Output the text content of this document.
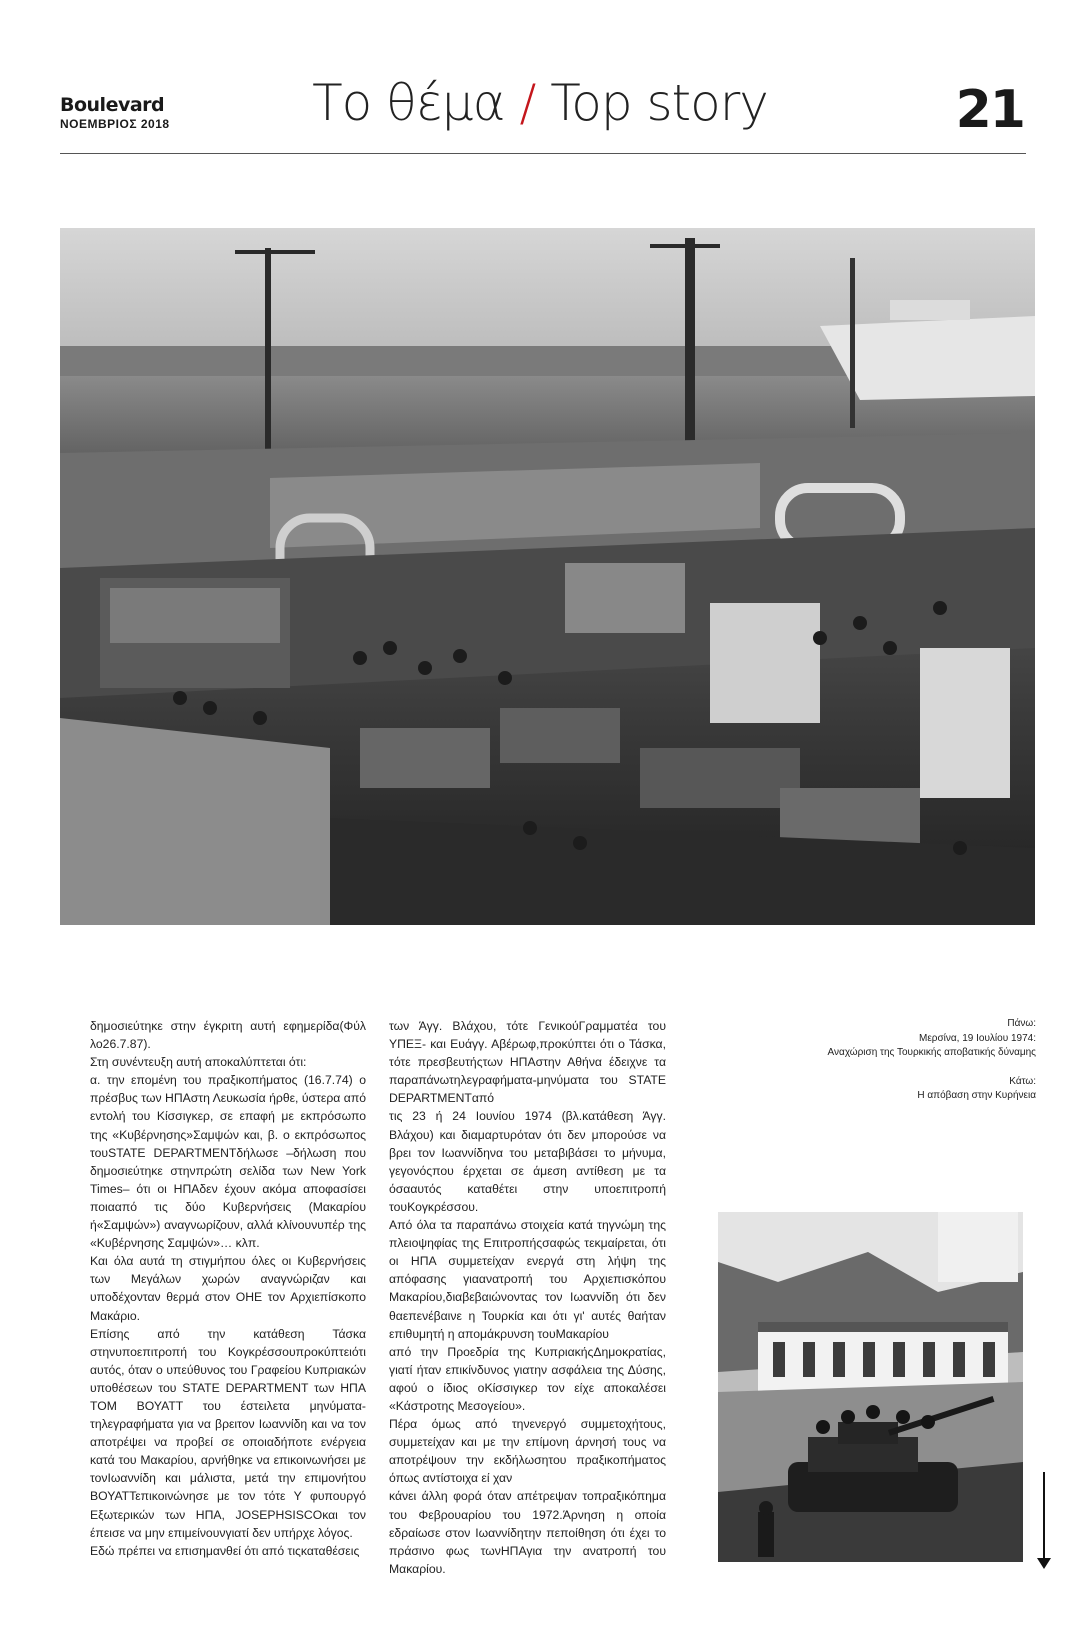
Boulevard
ΝΟΕΜΒΡΙΟΣ 2018	Το θέμα / Top story	21

δημοσιεύτηκε στην έγκριτη αυτή εφημερίδα(Φύλ λο26.7.87).

Στη συνέντευξη αυτή αποκαλύπτεται ότι:

α. την επομένη του πραξικοπήματος (16.7.74) ο πρέσβυς των ΗΠΑστη Λευκωσία ήρθε, ύστερα από εντολή του Κίσσιγκερ, σε επαφή με εκπρόσωπο της «Κυβέρνησης»Σαμψών και, β. ο εκπρόσωπος τουSTATE DEPARTMENTδήλωσε –δήλωση που δημοσιεύτηκε στηνπρώτη σελίδα των New York Times– ότι οι ΗΠΑδεν έχουν ακόμα αποφασίσει ποιααπό τις δύο Κυβερνήσεις (Μακαρίου ή«Σαμψών») αναγνωρίζουν, αλλά κλίνουνυπέρ της «Κυβέρνησης Σαμψών»… κλπ.

Και όλα αυτά τη στιγμήπου όλες οι Κυβερνήσεις των Μεγάλων χωρών αναγνώριζαν και υποδέχονταν θερμά στον ΟΗΕ τον Αρχιεπίσκοπο Μακάριο.

Επίσης από την κατάθεση Τάσκα στηνυποεπιτροπή του Κογκρέσσουπροκύπτειότι αυτός, όταν ο υπεύθυνος του Γραφείου Κυπριακών υποθέσεων του STATE DEPARTMENT των ΗΠΑ ΤΟΜ ΒΟΥΑΤΤ του έστειλετα μηνύματα-τηλεγραφήματα για να βρειτον Ιωαννίδη και να τον αποτρέψει να προβεί σε οποιαδήποτε ενέργεια κατά του Μακαρίου, αρνήθηκε να επικοινωνήσει με τονΙωαννίδη και μάλιστα, μετά την επιμονήτου ΒΟΥΑΤΤεπικοινώνησε με τον τότε Υ φυπουργό Εξωτερικών των ΗΠΑ, JOSEPHSISCOκαι τον έπεισε να μην επιμείνουνγιατί δεν υπήρχε λόγος.

Εδώ πρέπει να επισημανθεί ότι από τιςκαταθέσεις

των Άγγ. Βλάχου, τότε ΓενικούΓραμματέα του ΥΠΕΞ- και Ευάγγ. Αβέρωφ,προκύπτει ότι ο Τάσκα, τότε πρεσβευτήςτων ΗΠΑστην Αθήνα έδειχνε τα παραπάνωτηλεγραφήματα-μηνύματα του STATE DEPARTMENTαπό

τις 23 ή 24 Ιουνίου 1974 (βλ.κατάθεση Άγγ. Βλάχου) και διαμαρτυρόταν ότι δεν μπορούσε να βρει τον Ιωαννίδηνα του μεταβιβάσει το μήνυμα, γεγονόςπου έρχεται σε άμεση αντίθεση με τα όσααυτός καταθέτει στην υποεπιτροπή τουΚογκρέσσου.

Από όλα τα παραπάνω στοιχεία κατά τηγνώμη της πλειοψηφίας της Επιτροπήςσαφώς τεκμαίρεται, ότι οι ΗΠΑ συμμετείχαν ενεργά στη λήψη της απόφασης γιαανατροπή του Αρχιεπισκόπου Μακαρίου,διαβεβαιώνοντας τον Ιωαννίδη ότι δεν θαεπενέβαινε η Τουρκία και ότι γι' αυτές θαήταν επιθυμητή η απομάκρυνση τουΜακαρίου

από την Προεδρία της ΚυπριακήςΔημοκρατίας, γιατί ήταν επικίνδυνος γιατην ασφάλεια της Δύσης, αφού ο ίδιος οΚίσσιγκερ τον είχε αποκαλέσει «Κάστροτης Μεσογείου».

Πέρα όμως από τηνενεργό συμμετοχήτους, συμμετείχαν και με την επίμονη άρνησή τους να αποτρέψουν την εκδήλωσητου πραξικοπήματος όπως αντίστοιχα εί χαν

κάνει άλλη φορά όταν απέτρεψαν τοπραξικόπημα του Φεβρουαρίου του 1972.Άρνηση η οποία εδραίωσε στον Ιωαννίδητην πεποίθηση ότι έχει το πράσινο φως τωνΗΠΑγια την ανατροπή του Μακαρίου.

Πάνω:

Μερσίνα, 19 Ιουλίου 1974:

Αναχώριση της Τουρκικής αποβατικής δύναμης

Κάτω:

Η απόβαση στην Κυρήνεια
